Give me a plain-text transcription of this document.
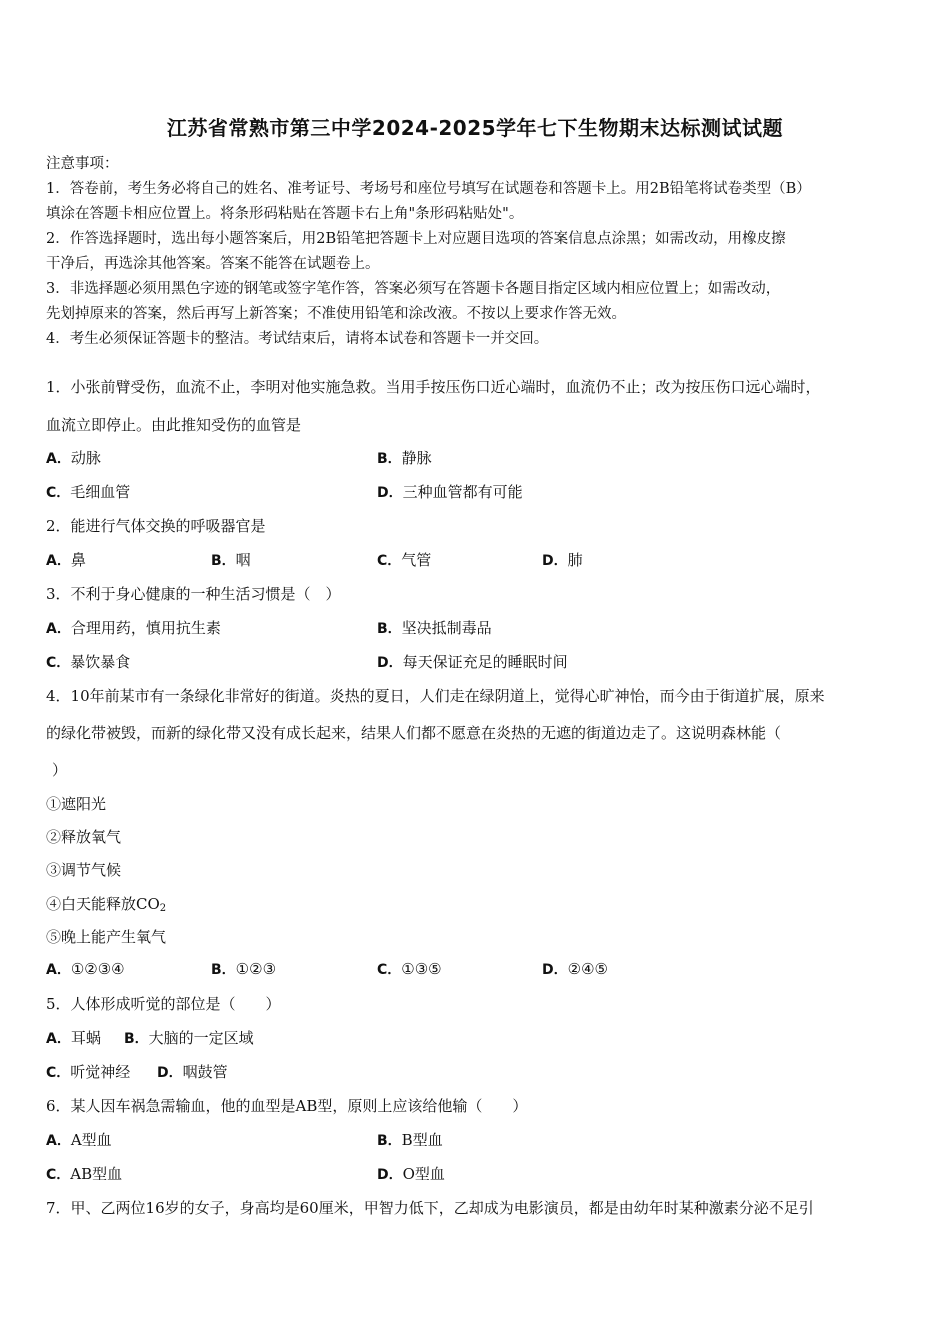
江苏省常熟市第三中学2024-2025学年七下生物期末达标测试试题
注意事项：
1．答卷前，考生务必将自己的姓名、准考证号、考场号和座位号填写在试题卷和答题卡上。用2B铅笔将试卷类型（B）
填涂在答题卡相应位置上。将条形码粘贴在答题卡右上角"条形码粘贴处"。
2．作答选择题时，选出每小题答案后，用2B铅笔把答题卡上对应题目选项的答案信息点涂黑；如需改动，用橡皮擦
干净后，再选涂其他答案。答案不能答在试题卷上。
3．非选择题必须用黑色字迹的钢笔或签字笔作答，答案必须写在答题卡各题目指定区域内相应位置上；如需改动，
先划掉原来的答案，然后再写上新答案；不准使用铅笔和涂改液。不按以上要求作答无效。
4．考生必须保证答题卡的整洁。考试结束后，请将本试卷和答题卡一并交回。
1．小张前臂受伤，血流不止，李明对他实施急救。当用手按压伤口近心端时，血流仍不止；改为按压伤口远心端时，
血流立即停止。由此推知受伤的血管是
A．动脉	B．静脉
C．毛细血管	D．三种血管都有可能
2．能进行气体交换的呼吸器官是
A．鼻	B．咽	C．气管	D．肺
3．不利于身心健康的一种生活习惯是（　）
A．合理用药，慎用抗生素	B．坚决抵制毒品
C．暴饮暴食	D．每天保证充足的睡眠时间
4．10年前某市有一条绿化非常好的街道。炎热的夏日，人们走在绿阴道上，觉得心旷神怡，而今由于街道扩展，原来
的绿化带被毁，而新的绿化带又没有成长起来，结果人们都不愿意在炎热的无遮的街道边走了。这说明森林能（
）
①遮阳光
②释放氧气
③调节气候
④白天能释放$CO_2$
⑤晚上能产生氧气
A．①②③④	B．①②③	C．①③⑤	D．②④⑤
5．人体形成听觉的部位是（　　）
A．耳蜗 B．大脑的一定区域
C．听觉神经 D．咽鼓管
6．某人因车祸急需输血，他的血型是AB型，原则上应该给他输（　　）
A．A型血	B．B型血
C．AB型血	D．O型血
7．甲、乙两位16岁的女子，身高均是60厘米，甲智力低下，乙却成为电影演员，都是由幼年时某种激素分泌不足引
